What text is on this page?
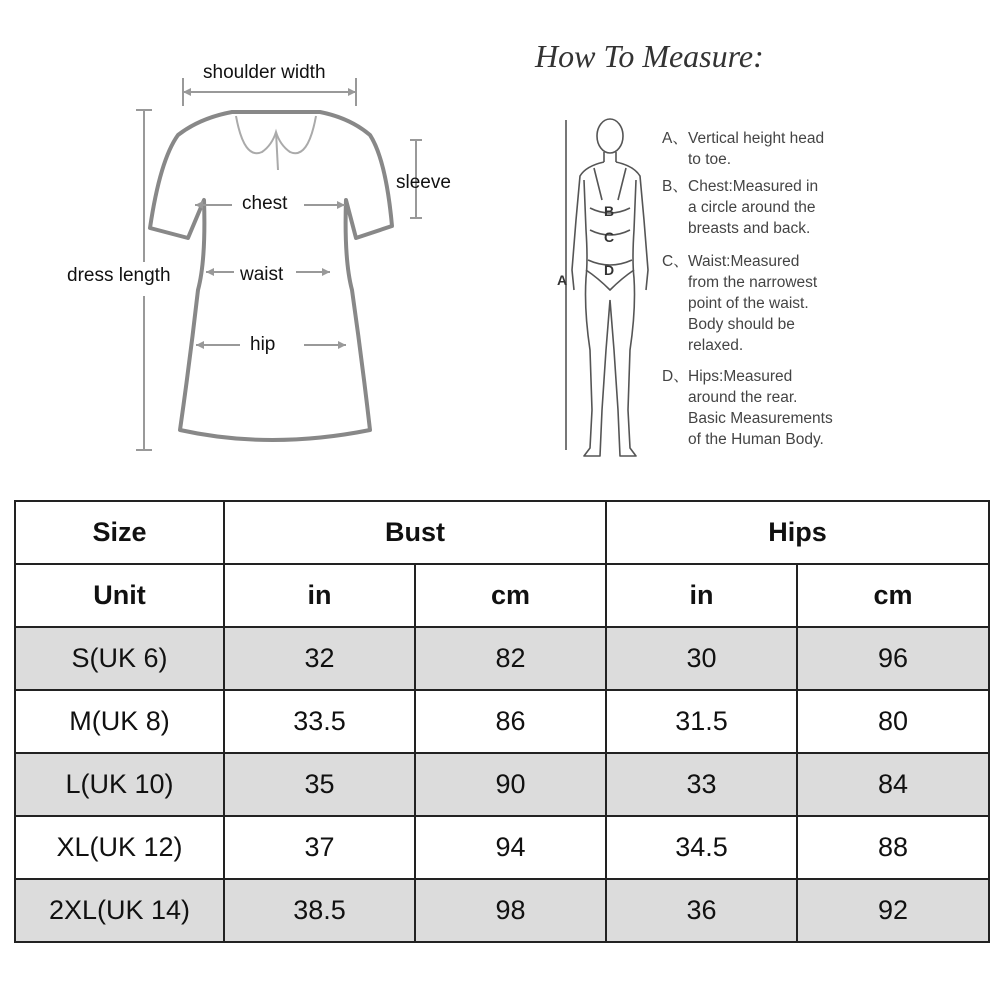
shoulder width
sleeve
chest
dress length	waist
hip
How To Measure:
B
C
D
A
A、Vertical height head
to toe.
B、Chest:Measured in
a circle around the
breasts and back.
C、Waist:Measured
from the narrowest
point of the waist.
Body should be
relaxed.
D、Hips:Measured
around the rear.
Basic Measurements
of the Human Body.
Size	Bust		Hips	
Unit	in	cm	in	cm
S(UK 6)	32	82	30	96
M(UK 8)	33.5	86	31.5	80
L(UK 10)	35	90	33	84
XL(UK 12)	37	94	34.5	88
2XL(UK 14)	38.5	98	36	92
